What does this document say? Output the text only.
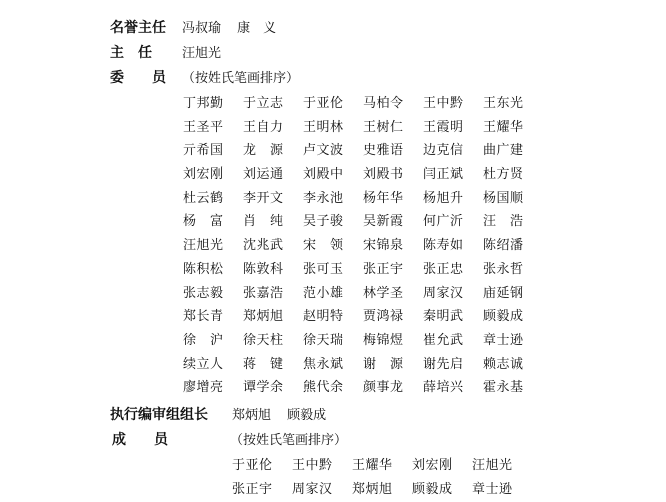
名誉主任	冯叔瑜 康　义
主　任	汪旭光
委　　员	（按姓氏笔画排序）
丁邦勤	于立志	于亚伦	马柏令	王中黔	王东光
王圣平	王自力	王明林	王树仁	王霞明	王耀华
亓希国	龙　源	卢文波	史雅语	边克信	曲广建
刘宏刚	刘运通	刘殿中	刘殿书	闫正斌	杜方贤
杜云鹤	李开文	李永池	杨年华	杨旭升	杨国顺
杨　富	肖　纯	吴子骏	吴新霞	何广沂	汪　浩
汪旭光	沈兆武	宋　领	宋锦泉	陈寿如	陈绍潘
陈积松	陈敦科	张可玉	张正宇	张正忠	张永哲
张志毅	张嘉浩	范小雄	林学圣	周家汉	庙延钢
郑长青	郑炳旭	赵明特	贾鸿禄	秦明武	顾毅成
徐　沪	徐天柱	徐天瑞	梅锦煜	崔允武	章士逊
续立人	蒋　键	焦永斌	谢　源	谢先启	赖志诚
廖增亮	谭学余	熊代余	颜事龙	薛培兴	霍永基
执行编审组组长	郑炳旭 顾毅成
成　　员	（按姓氏笔画排序）
于亚伦	王中黔	王耀华	刘宏刚	汪旭光
张正宇	周家汉	郑炳旭	顾毅成	章士逊
